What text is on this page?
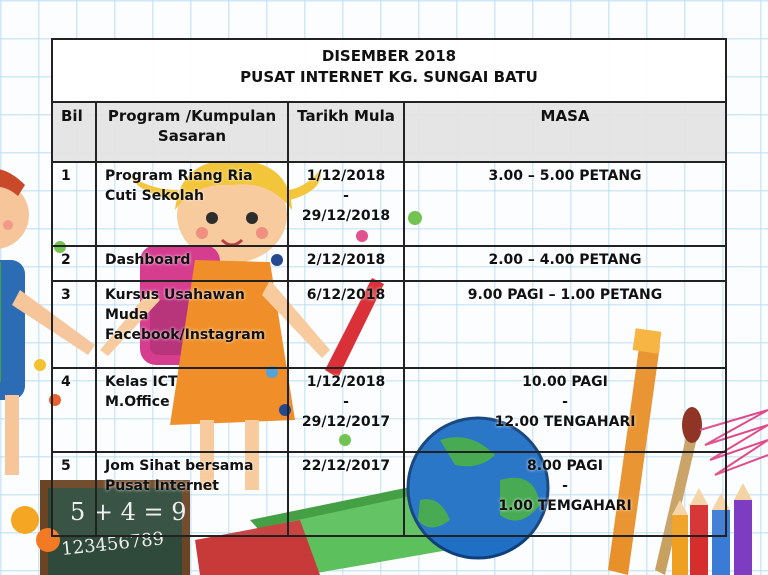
5 + 4 = 9
123456789
DISEMBER 2018
PUSAT INTERNET KG. SUNGAI BATU			

Bil	Program /Kumpulan Sasaran	Tarikh Mula	MASA
1	Program Riang Ria Cuti Sekolah	1/12/2018
-
29/12/2018	3.00 – 5.00 PETANG
2	Dashboard	2/12/2018	2.00 – 4.00 PETANG
3	Kursus Usahawan Muda Facebook/Instagram	6/12/2018	9.00 PAGI – 1.00 PETANG
4	Kelas ICT
M.Office	1/12/2018
-
29/12/2017	10.00 PAGI
-
12.00 TENGAHARI

5	Jom Sihat bersama Pusat Internet	22/12/2017	8.00 PAGI
-
1.00 TEMGAHARI
